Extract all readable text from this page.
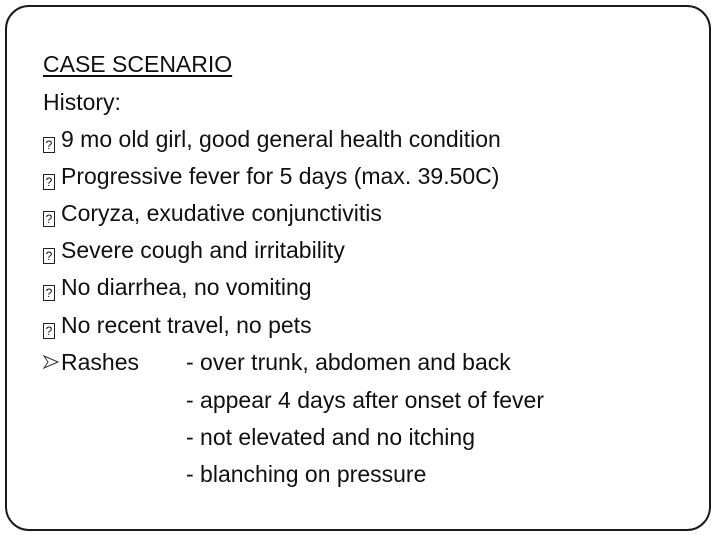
CASE SCENARIO
History:
? 9 mo old girl, good general health condition
? Progressive fever for 5 days (max. 39.50C)
? Coryza, exudative conjunctivitis
? Severe cough and irritability
? No diarrhea, no vomiting
? No recent travel, no pets
Rashes	- over trunk, abdomen and back
- appear 4 days after onset of fever
- not elevated and no itching
- blanching on pressure
